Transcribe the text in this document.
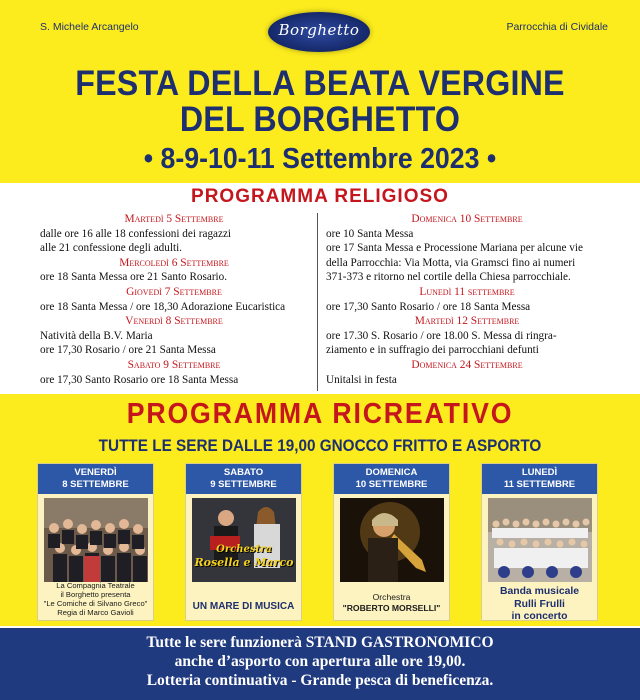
S. Michele Arcangelo	Parrocchia di Cividale
Borghetto
FESTA DELLA BEATA VERGINE
DEL BORGHETTO
• 8-9-10-11 Settembre 2023 •
PROGRAMMA RELIGIOSO
Martedì 5 Settembre
dalle ore 16 alle 18 confessioni dei ragazzi
alle 21 confessione degli adulti.
Mercoledì 6 Settembre
ore 18 Santa Messa ore 21 Santo Rosario.
Giovedì 7 Settembre
ore 18 Santa Messa / ore 18,30 Adorazione Eucaristica
Venerdì 8 Settembre
Natività della B.V. Maria
ore 17,30 Rosario / ore 21 Santa Messa
Sabato 9 Settembre
ore 17,30 Santo Rosario ore 18 Santa Messa
Domenica 10 Settembre
ore 10 Santa Messa
ore 17 Santa Messa e Processione Mariana per alcune vie
della Parrocchia: Via Motta, via Gramsci fino ai numeri
371-373 e ritorno nel cortile della Chiesa parrocchiale.
Lunedì 11 settembre
ore 17,30 Santo Rosario / ore 18 Santa Messa
Martedì 12 Settembre
ore 17.30 S. Rosario / ore 18.00 S. Messa di ringra-
ziamento e in suffragio dei parrocchiani defunti
Domenica 24 Settembre
Unitalsi in festa
PROGRAMMA RICREATIVO
TUTTE LE SERE DALLE 19,00 GNOCCO FRITTO E ASPORTO
VENERDÌ
8 SETTEMBRE
La Compagnia Teatrale
il Borghetto presenta
"Le Comiche di Silvano Greco"
Regia di Marco Gavioli
SABATO
9 SETTEMBRE
Orchestra
Rosella e Marco
UN MARE DI MUSICA
DOMENICA
10 SETTEMBRE
Orchestra
"ROBERTO MORSELLI"
LUNEDÌ
11 SETTEMBRE
Banda musicale
Rulli Frulli
in concerto
Tutte le sere funzionerà STAND GASTRONOMICO
anche d’asporto con apertura alle ore 19,00.
Lotteria continuativa - Grande pesca di beneficenza.
